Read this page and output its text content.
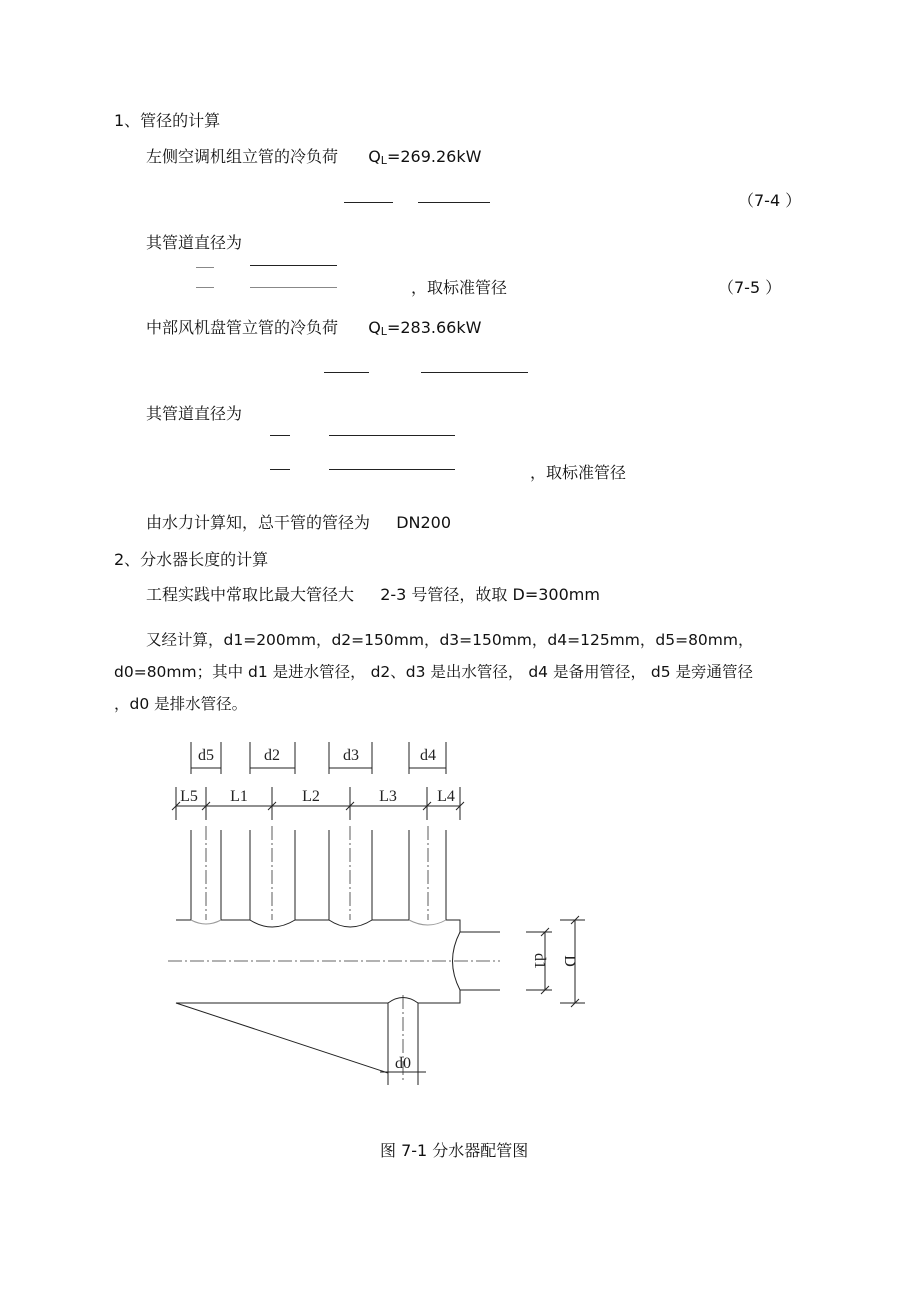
1、管径的计算
左侧空调机组立管的冷负荷 QL=269.26kW
（7-4 ）
其管道直径为
，取标准管径	（7-5 ）
中部风机盘管立管的冷负荷 QL=283.66kW
其管道直径为
，取标准管径
由水力计算知，总干管的管径为 DN200
2、分水器长度的计算
工程实践中常取比最大管径大 2-3 号管径，故取 D=300mm
又经计算，d1=200mm，d2=150mm，d3=150mm，d4=125mm，d5=80mm，
d0=80mm；其中 d1 是进水管径， d2、d3 是出水管径， d4 是备用管径， d5 是旁通管径
，d0 是排水管径。
d5	d2	d3	d4
L5 L1	L2	L3	L4
d0
d1 D
图 7-1 分水器配管图
